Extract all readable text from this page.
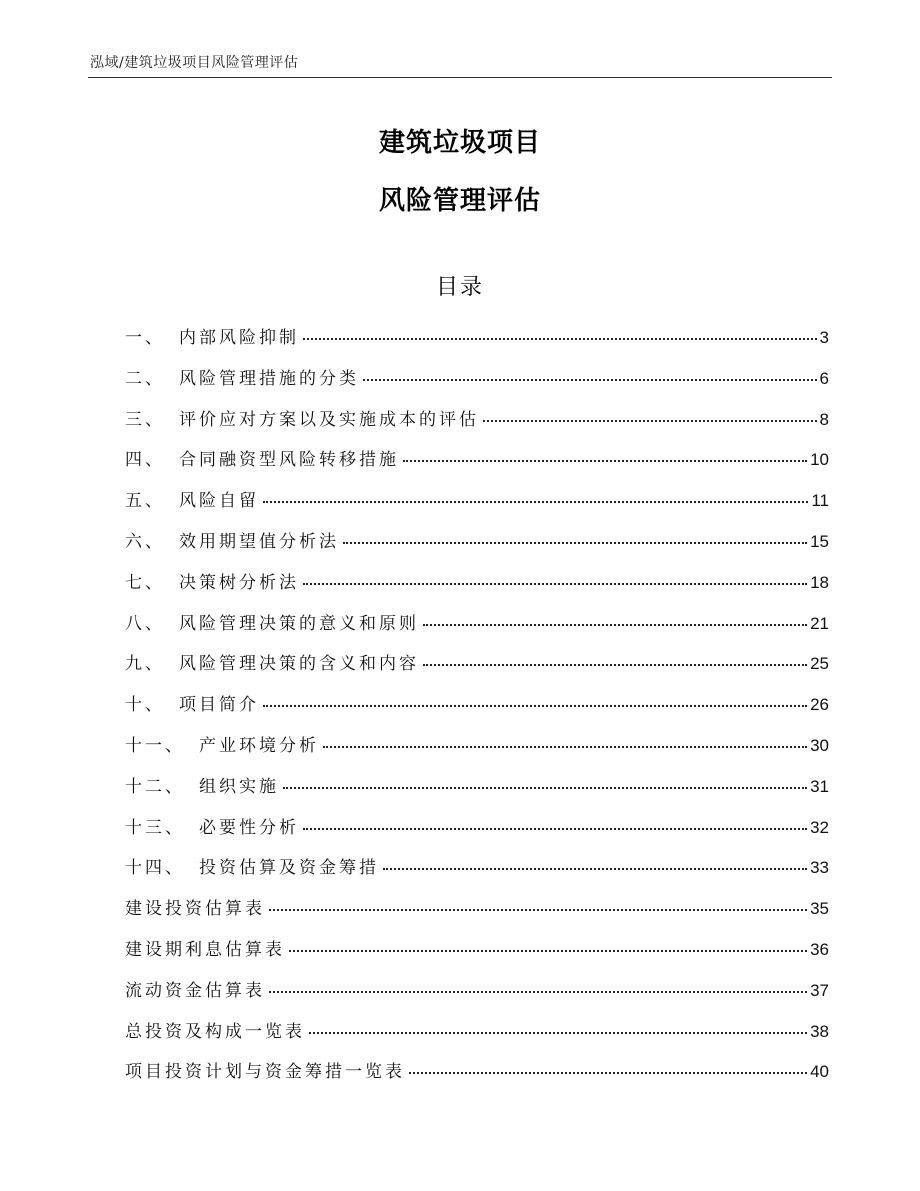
泓域/建筑垃圾项目风险管理评估
建筑垃圾项目
风险管理评估
目录
一、 内部风险抑制	3
二、 风险管理措施的分类	6
三、 评价应对方案以及实施成本的评估	8
四、 合同融资型风险转移措施	10
五、 风险自留	11
六、 效用期望值分析法	15
七、 决策树分析法	18
八、 风险管理决策的意义和原则	21
九、 风险管理决策的含义和内容	25
十、 项目简介	26
十一、 产业环境分析	30
十二、 组织实施	31
十三、 必要性分析	32
十四、 投资估算及资金筹措	33
建设投资估算表	35
建设期利息估算表	36
流动资金估算表	37
总投资及构成一览表	38
项目投资计划与资金筹措一览表	40
